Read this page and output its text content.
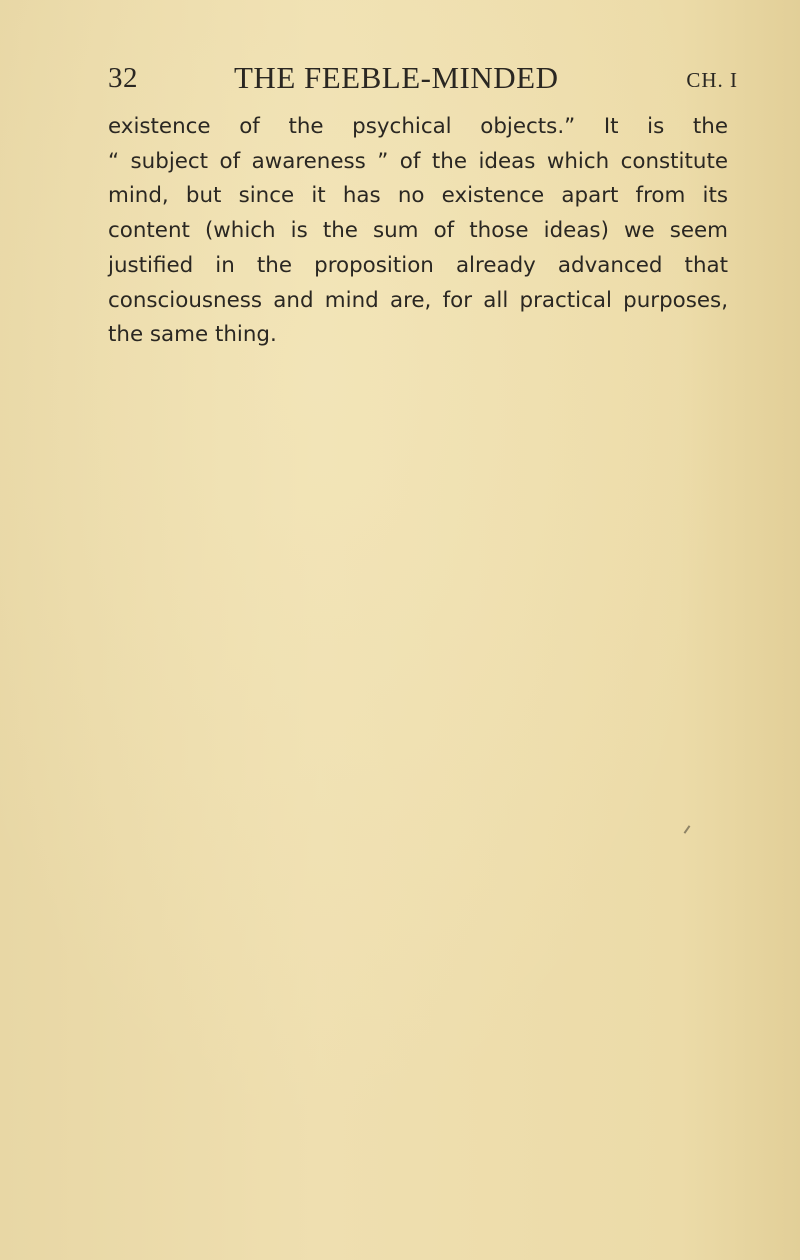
32	THE FEEBLE-MINDED	CH. I
existence of the psychical objects.” It is the
“ subject of awareness ” of the ideas which constitute
mind, but since it has no existence apart from its
content (which is the sum of those ideas) we seem
justified in the proposition already advanced that
consciousness and mind are, for all practical purposes,
the same thing.
